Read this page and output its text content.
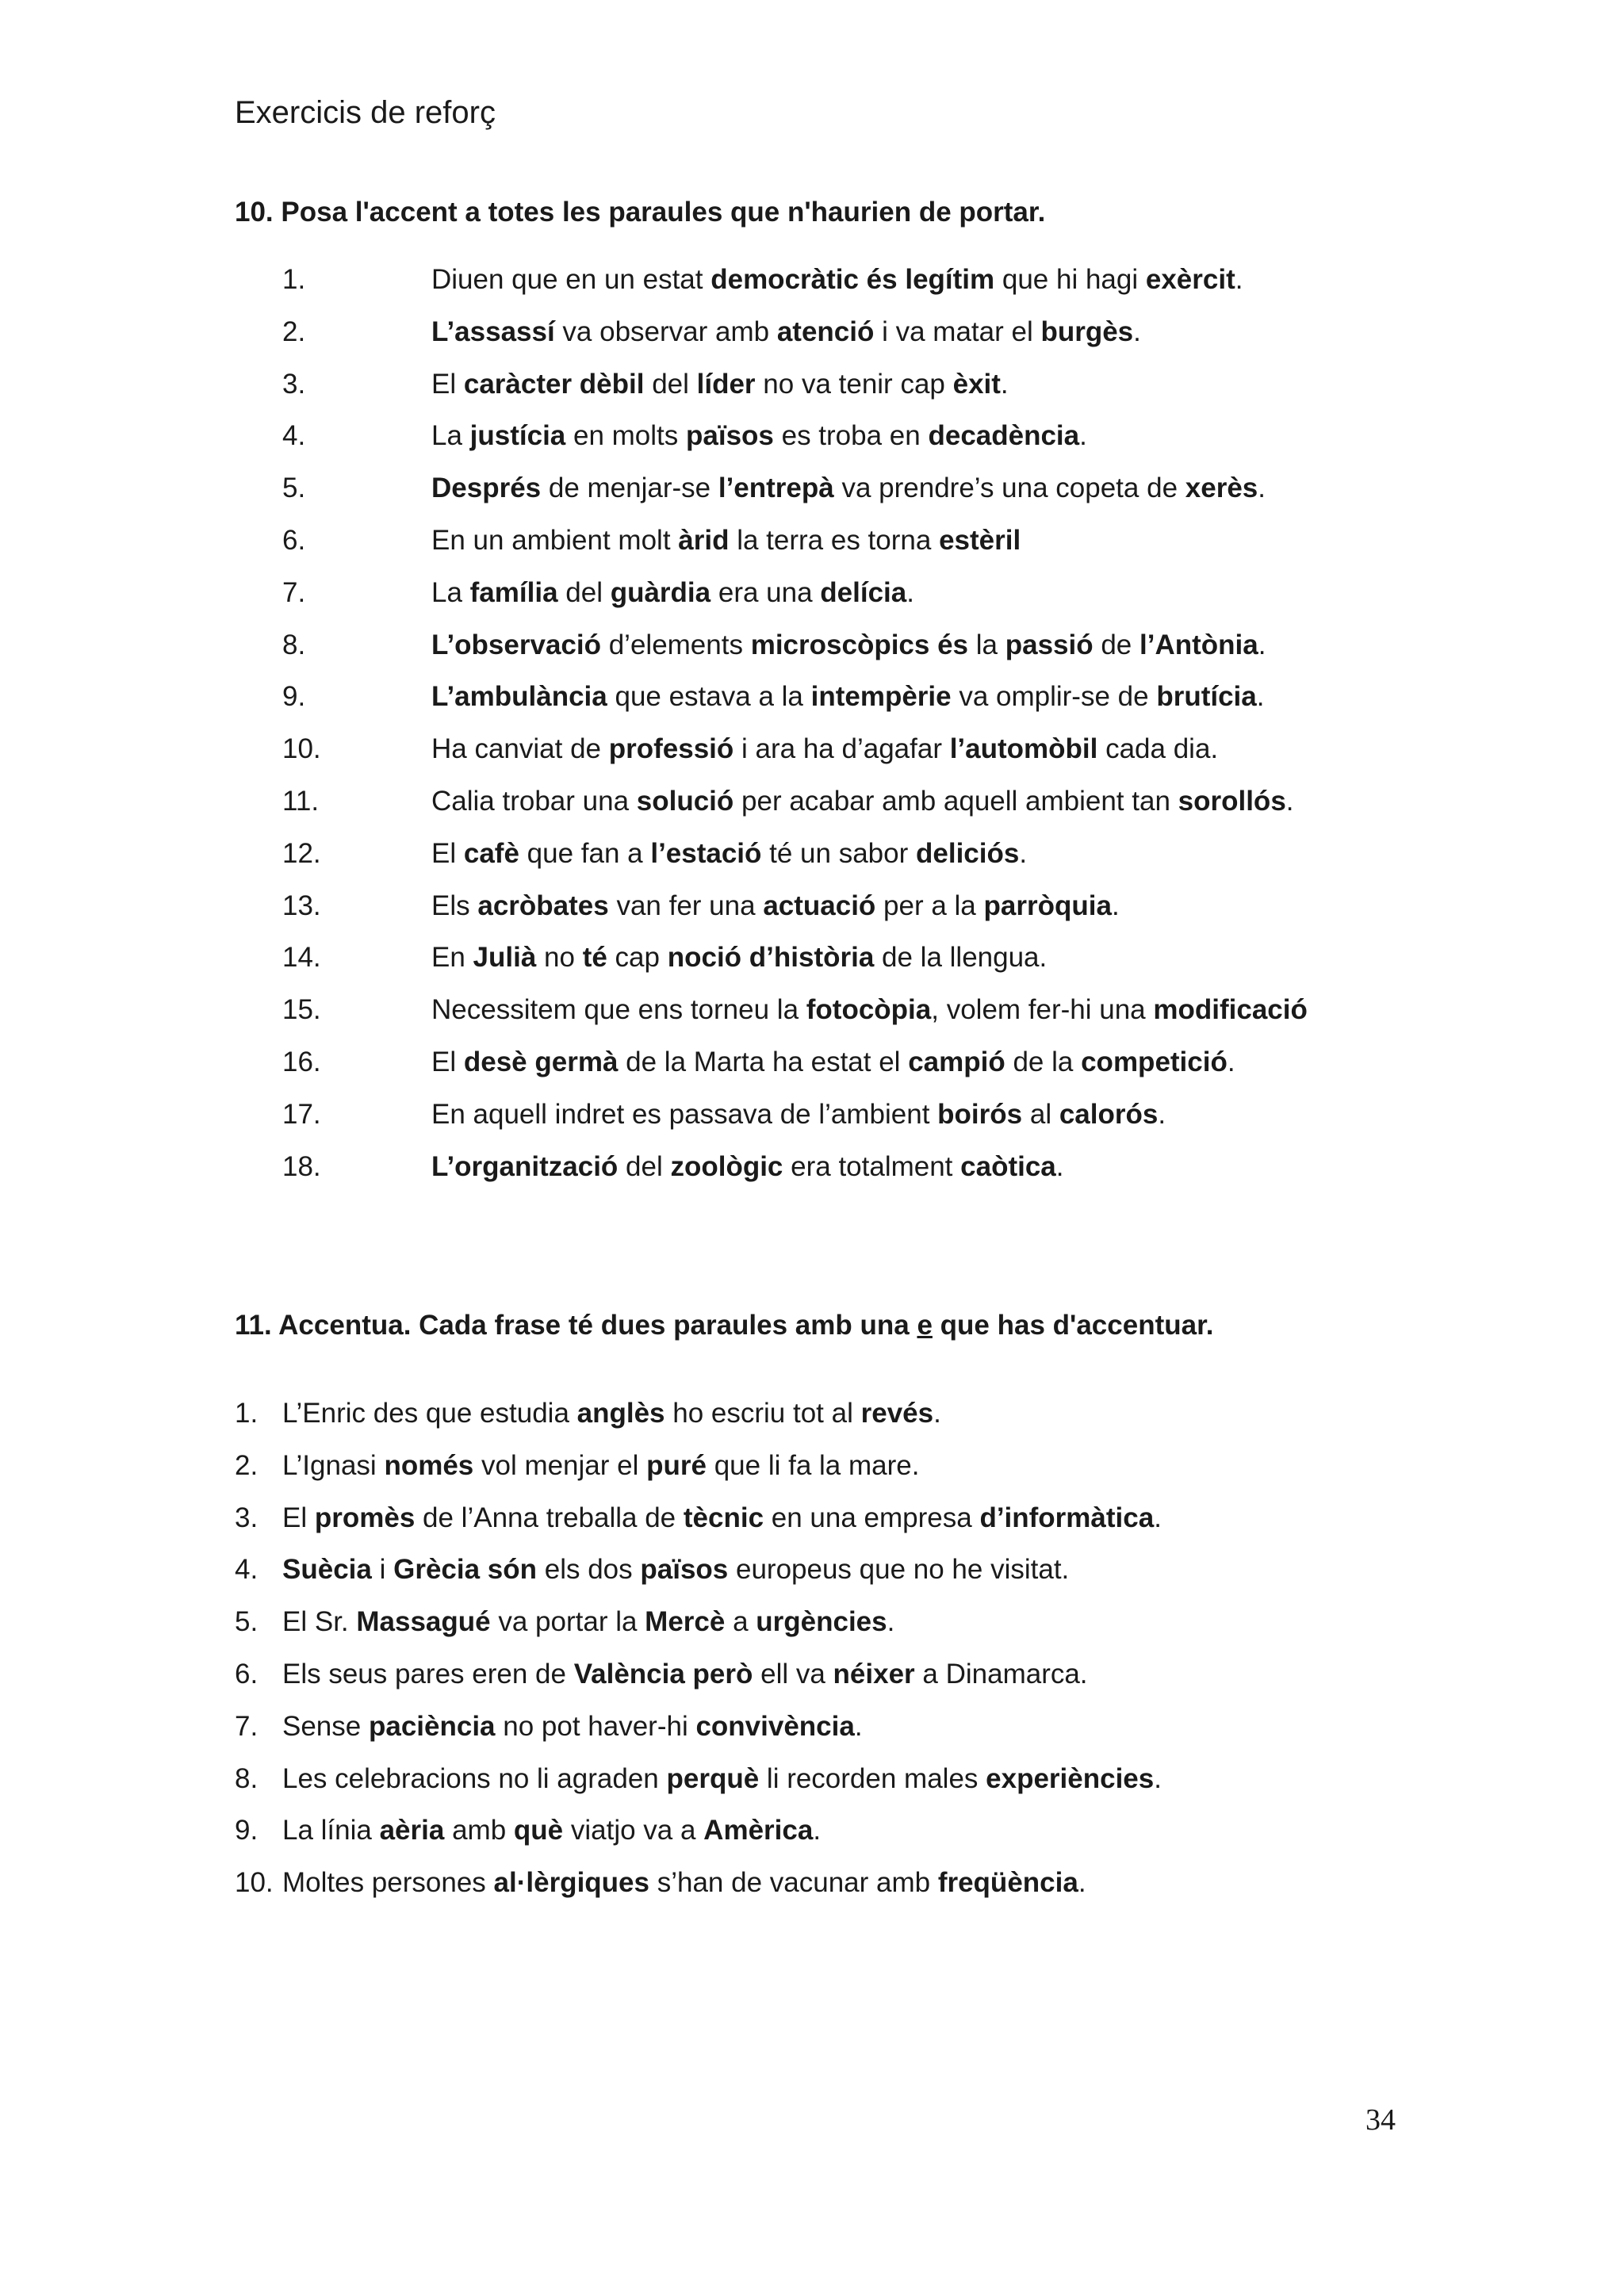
Exercicis de reforç
10. Posa l'accent a totes les paraules que n'haurien de portar.
1.	Diuen que en un estat democràtic és legítim que hi hagi exèrcit.
2.	L’assassí va observar amb atenció i va matar el burgès.
3.	El caràcter dèbil del líder no va tenir cap èxit.
4.	La justícia en molts països es troba en decadència.
5.	Després de menjar-se l’entrepà va prendre’s una copeta de xerès.
6.	En un ambient molt àrid la terra es torna estèril
7.	La família del guàrdia era una delícia.
8.	L’observació d’elements microscòpics és la passió de l’Antònia.
9.	L’ambulància que estava a la intempèrie va omplir-se de brutícia.
10.	Ha canviat de professió i ara ha d’agafar l’automòbil cada dia.
11.	Calia trobar una solució per acabar amb aquell ambient tan sorollós.
12.	El cafè que fan a l’estació té un sabor deliciós.
13.	Els acròbates van fer una actuació per a la parròquia.
14.	En Julià no té cap noció d’història de la llengua.
15.	Necessitem que ens torneu la fotocòpia, volem fer-hi una modificació
16.	El desè germà de la Marta ha estat el campió de la competició.
17.	En aquell indret es passava de l’ambient boirós al calorós.
18.	L’organització del zoològic era totalment caòtica.
11. Accentua. Cada frase té dues paraules amb una e que has d'accentuar.
1. L’Enric des que estudia anglès ho escriu tot al revés.
2. L’Ignasi només vol menjar el puré que li fa la mare.
3. El promès de l’Anna treballa de tècnic en una empresa d’informàtica.
4. Suècia i Grècia són els dos països europeus que no he visitat.
5. El Sr. Massagué va portar la Mercè a urgències.
6. Els seus pares eren de València però ell va néixer a Dinamarca.
7. Sense paciència no pot haver-hi convivència.
8. Les celebracions no li agraden perquè li recorden males experiències.
9. La línia aèria amb què viatjo va a Amèrica.
10. Moltes persones al·lèrgiques s’han de vacunar amb freqüència.
34
